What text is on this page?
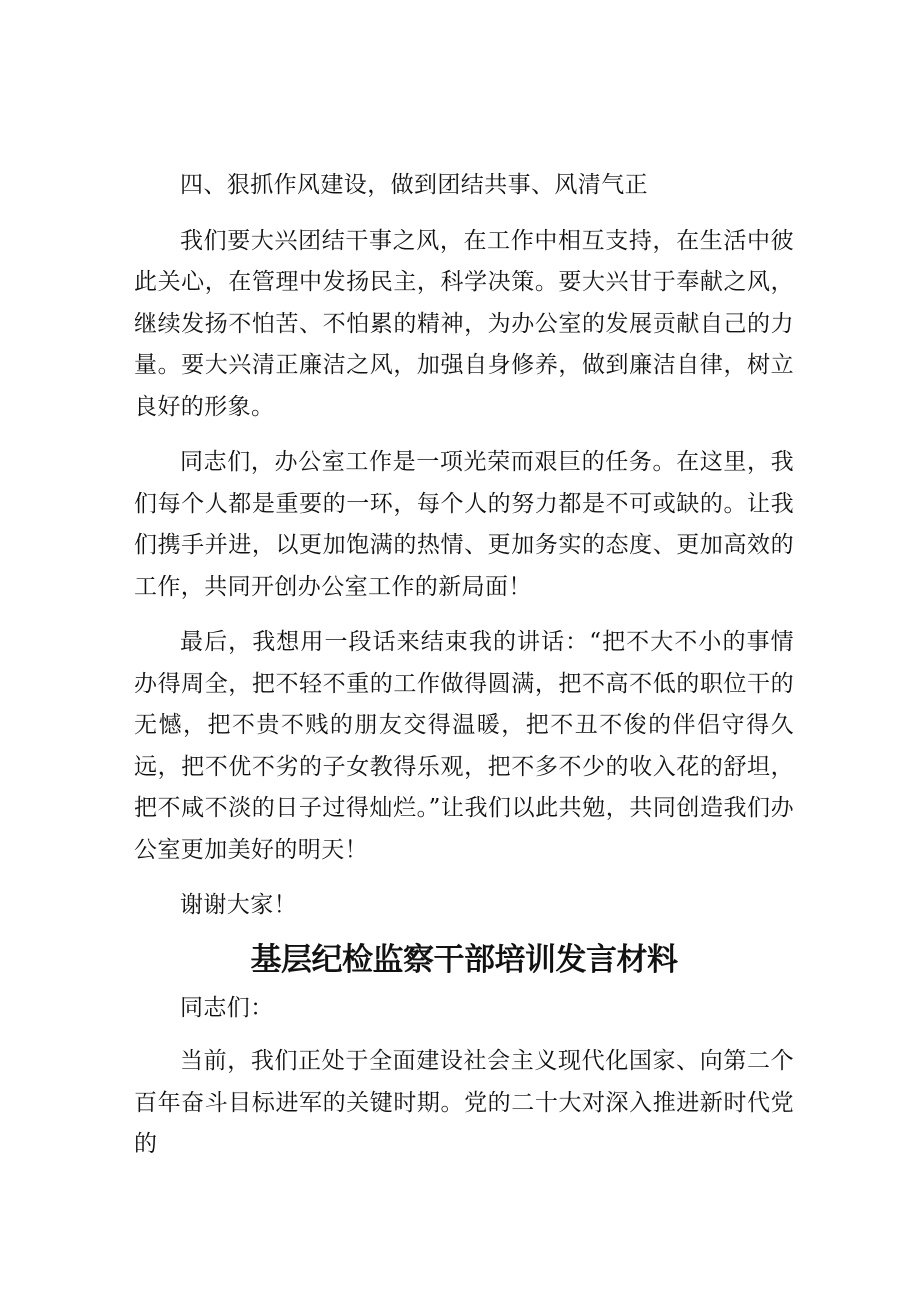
四、狠抓作风建设，做到团结共事、风清气正

我们要大兴团结干事之风，在工作中相互支持，在生活中彼此关心，在管理中发扬民主，科学决策。要大兴甘于奉献之风，继续发扬不怕苦、不怕累的精神，为办公室的发展贡献自己的力量。要大兴清正廉洁之风，加强自身修养，做到廉洁自律，树立良好的形象。

同志们，办公室工作是一项光荣而艰巨的任务。在这里，我们每个人都是重要的一环，每个人的努力都是不可或缺的。让我们携手并进，以更加饱满的热情、更加务实的态度、更加高效的工作，共同开创办公室工作的新局面！

最后，我想用一段话来结束我的讲话：“把不大不小的事情办得周全，把不轻不重的工作做得圆满，把不高不低的职位干的无憾，把不贵不贱的朋友交得温暖，把不丑不俊的伴侣守得久远，把不优不劣的子女教得乐观，把不多不少的收入花的舒坦，把不咸不淡的日子过得灿烂。”让我们以此共勉，共同创造我们办公室更加美好的明天！

谢谢大家！

基层纪检监察干部培训发言材料

同志们：

当前，我们正处于全面建设社会主义现代化国家、向第二个百年奋斗目标进军的关键时期。党的二十大对深入推进新时代党的
